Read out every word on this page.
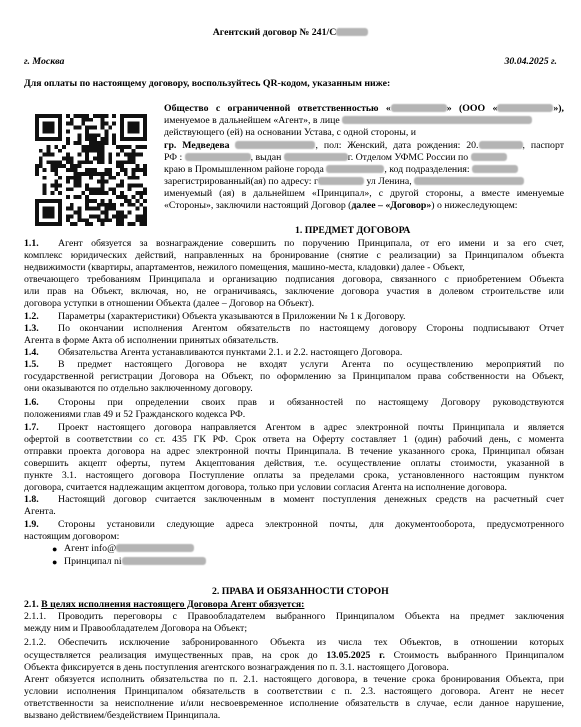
Агентский договор № 241/С
г. Москва	30.04.2025 г.
Для оплаты по настоящему договору, воспользуйтесь QR-кодом, указанным ниже:
Общество с ограниченной ответственностью «	» (ООО «	»),
именуемое в дальнейшем «Агент», в лице
действующего (ей) на основании Устава, с одной стороны, и
гр. Медведева	, пол: Женский, дата рождения: 20.	, паспорт
РФ :	, выдан	г. Отделом УФМС России по
краю в Промышленном районе города	, код подразделения:
зарегистрированный(ая) по адресу: г	ул Ленина,
именуемый (ая) в дальнейшем «Принципал», с другой стороны, а вместе именуемые
«Стороны», заключили настоящий Договор (далее – «Договор») о нижеследующем:
1. ПРЕДМЕТ ДОГОВОРА
1.1. Агент обязуется за вознаграждение совершить по поручению Принципала, от его имени и за его счет,
комплекс юридических действий, направленных на бронирование (снятие с реализации) за Принципалом объекта
недвижимости (квартиры, апартаментов, нежилого помещения, машино-места, кладовки) далее - Объект,
отвечающего требованиям Принципала и организацию подписания договора, связанного с приобретением Объекта
или прав на Объект, включая, но, не ограничиваясь, заключение договора участия в долевом строительстве или
договора уступки в отношении Объекта (далее – Договор на Объект).
1.2. Параметры (характеристики) Объекта указываются в Приложении № 1 к Договору.
1.3. По окончании исполнения Агентом обязательств по настоящему договору Стороны подписывают Отчет
Агента в форме Акта об исполнении принятых обязательств.
1.4. Обязательства Агента устанавливаются пунктами 2.1. и 2.2. настоящего Договора.
1.5. В предмет настоящего Договора не входят услуги Агента по осуществлению мероприятий по
государственной регистрации Договора на Объект, по оформлению за Принципалом права собственности на Объект,
они оказываются по отдельно заключенному договору.
1.6. Стороны при определении своих прав и обязанностей по настоящему Договору руководствуются
положениями глав 49 и 52 Гражданского кодекса РФ.
1.7. Проект настоящего договора направляется Агентом в адрес электронной почты Принципала и является
офертой в соответствии со ст. 435 ГК РФ. Срок ответа на Оферту составляет 1 (один) рабочий день, с момента
отправки проекта договора на адрес электронной почты Принципала. В течение указанного срока, Принципал обязан
совершить акцепт оферты, путем Акцептования действия, т.е. осуществление оплаты стоимости, указанной в
пункте 3.1. настоящего договора Поступление оплаты за пределами срока, установленного настоящим пунктом
договора, считается надлежащим акцептом договора, только при условии согласия Агента на исполнение договора.
1.8. Настоящий договор считается заключенным в момент поступления денежных средств на расчетный счет
Агента.
1.9. Стороны установили следующие адреса электронной почты, для документооборота, предусмотренного
настоящим договором:
● Агент info@
● Принципал ni
2. ПРАВА И ОБЯЗАННОСТИ СТОРОН
2.1. В целях исполнения настоящего Договора Агент обязуется:
2.1.1. Проводить переговоры с Правообладателем выбранного Принципалом Объекта на предмет заключения
между ним и Правообладателем Договора на Объект;
2.1.2. Обеспечить исключение забронированного Объекта из числа тех Объектов, в отношении которых
осуществляется реализация имущественных прав, на срок до 13.05.2025 г. Стоимость выбранного Принципалом
Объекта фиксируется в день поступления агентского вознаграждения по п. 3.1. настоящего Договора.
Агент обязуется исполнить обязательства по п. 2.1. настоящего договора, в течение срока бронирования Объекта, при
условии исполнения Принципалом обязательств в соответствии с п. 2.3. настоящего договора. Агент не несет
ответственности за неисполнение и/или несвоевременное исполнение обязательств в случае, если данное нарушение,
вызвано действием/бездействием Принципала.
